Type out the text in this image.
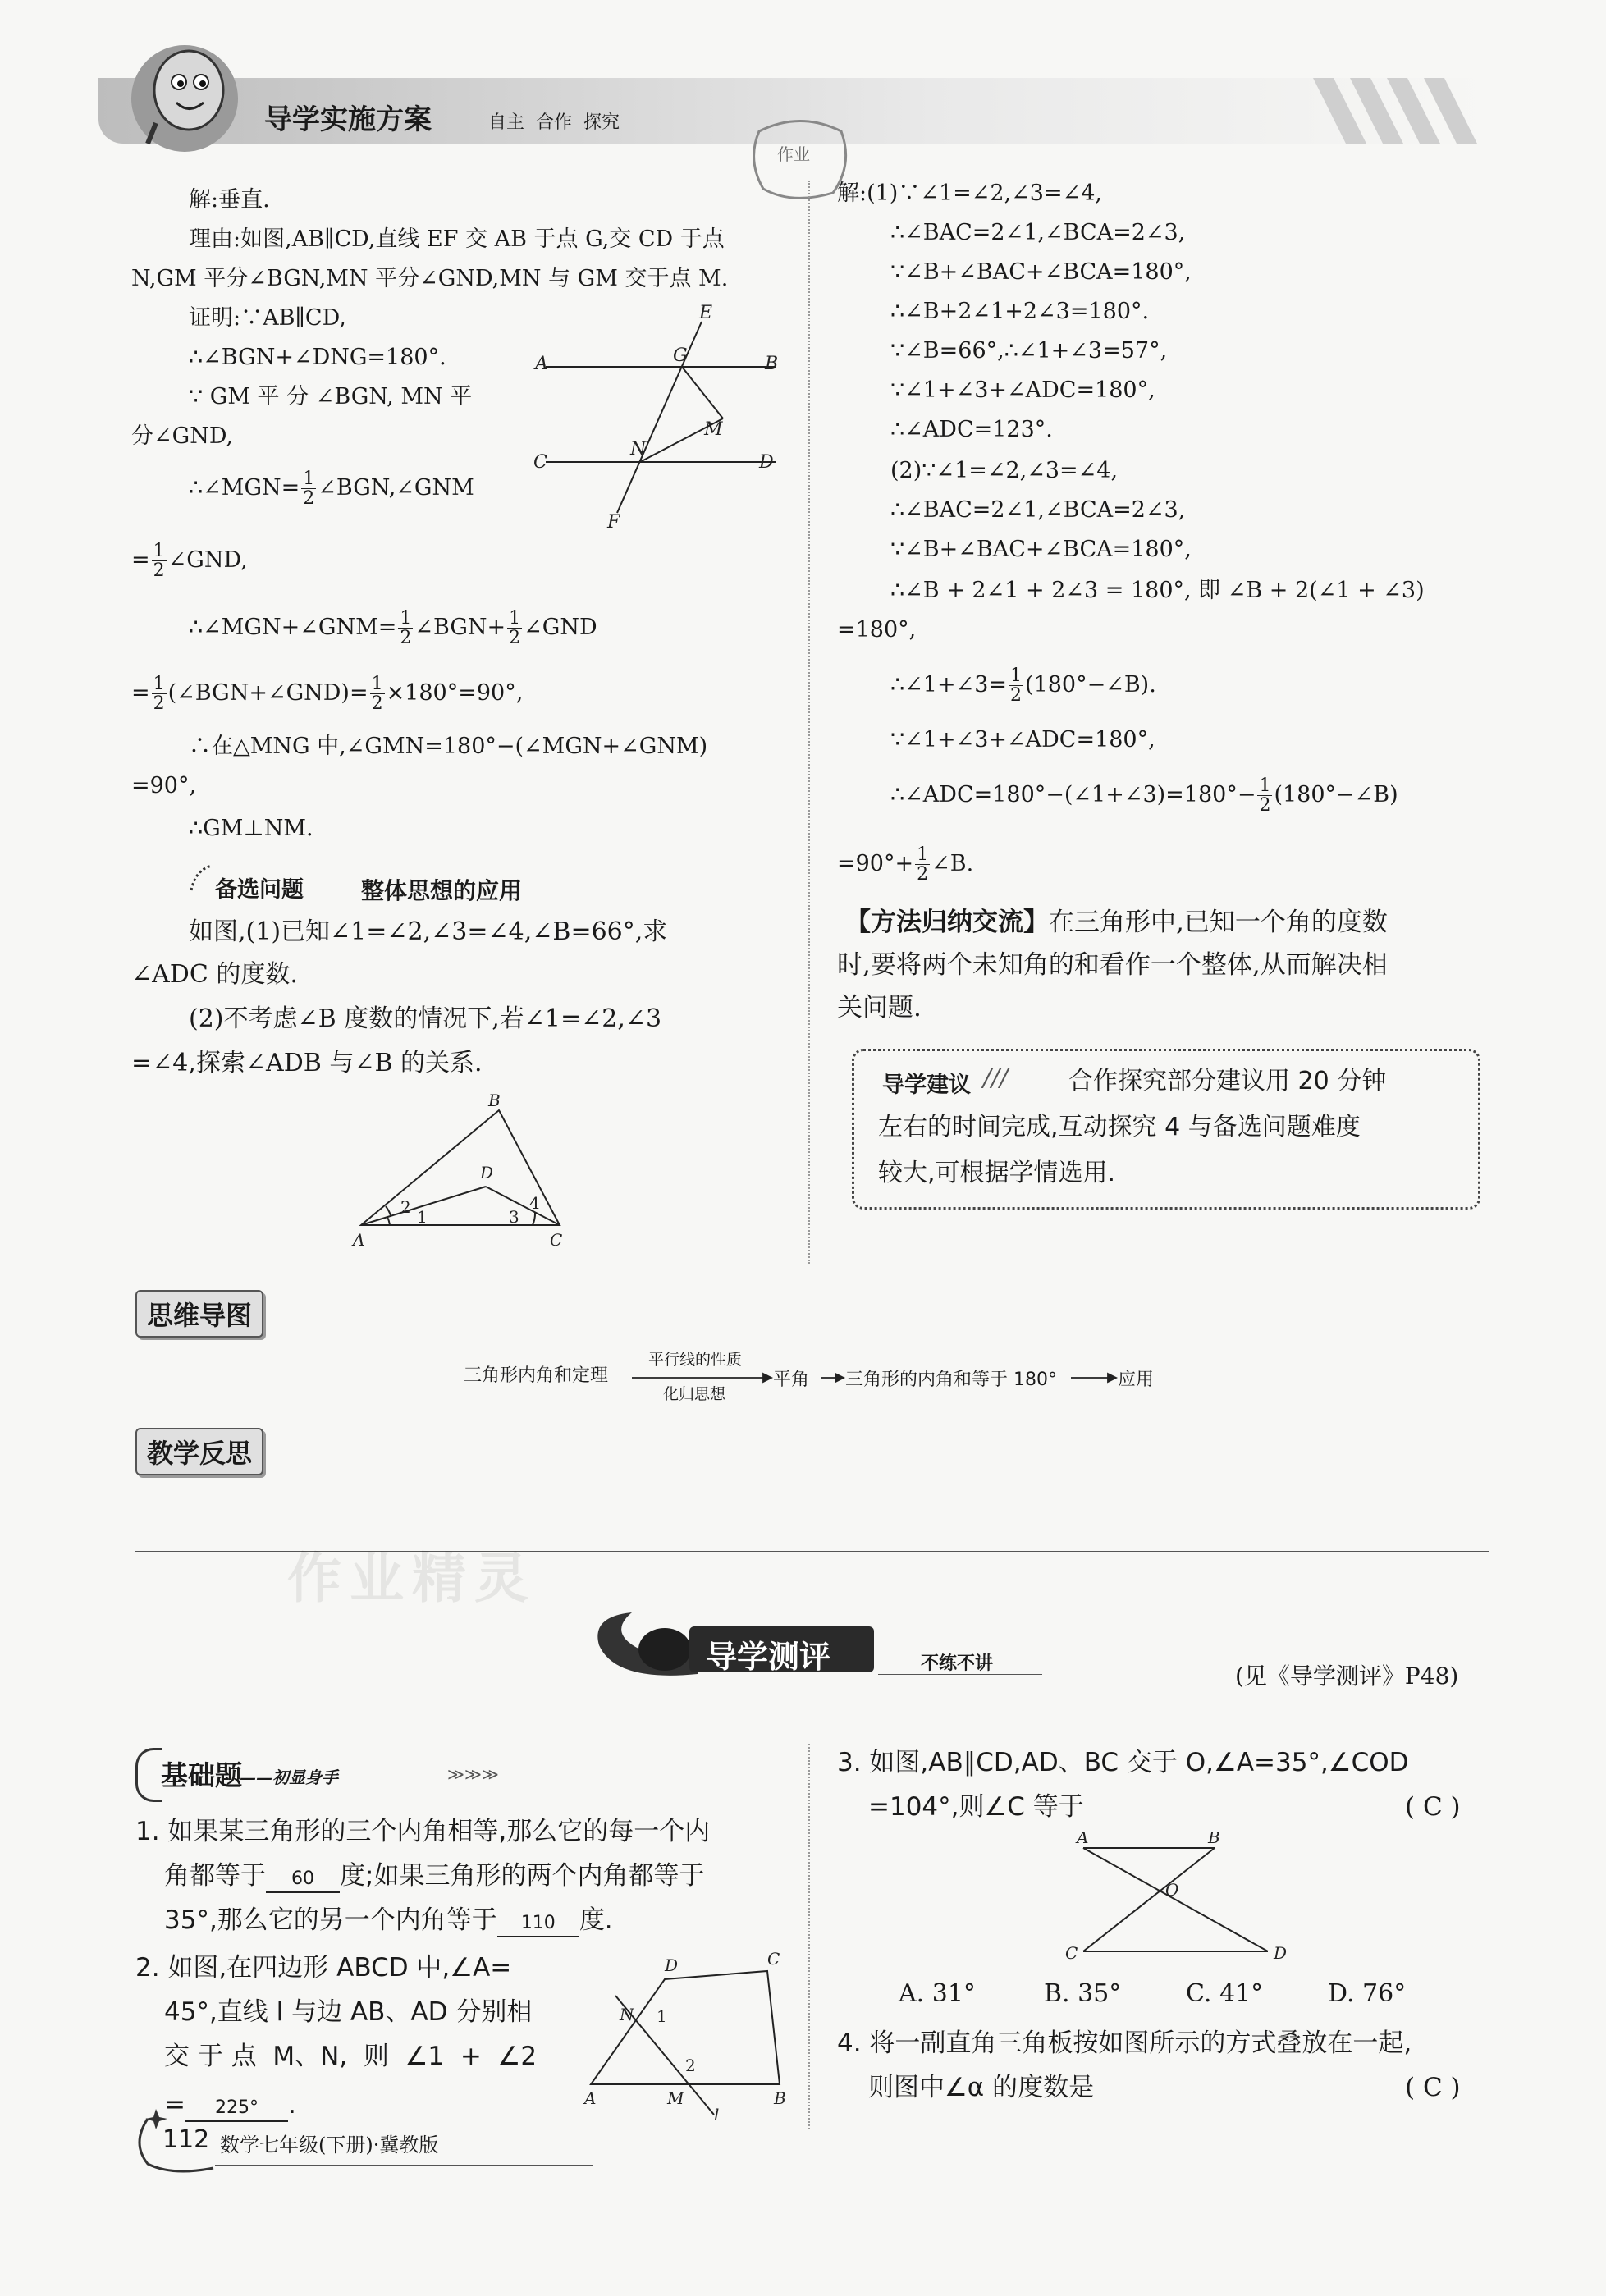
导学实施方案	自主  合作  探究
作业
解:垂直.
理由:如图,AB∥CD,直线 EF 交 AB 于点 G,交 CD 于点
N,GM 平分∠BGN,MN 平分∠GND,MN 与 GM 交于点 M.
证明:∵AB∥CD,
∴∠BGN+∠DNG=180°.
∵ GM 平 分 ∠BGN, MN 平
分∠GND,
∴∠MGN= $\frac{1}{2}$ ∠BGN,∠GNM
= $\frac{1}{2}$ ∠GND,
∴∠MGN+∠GNM= $\frac{1}{2}$ ∠BGN+ $\frac{1}{2}$ ∠GND
= $\frac{1}{2}$ (∠BGN+∠GND)= $\frac{1}{2} \times 180^\circ=90^\circ$,
∴在△MNG 中,∠GMN=180°−(∠MGN+∠GNM)
=90°,
∴GM⊥NM.
E
A	G	B
M
C
N
D
F
备选问题	整体思想的应用
如图,(1)已知∠1=∠2,∠3=∠4,∠B=66°,求
∠ADC 的度数.
(2)不考虑∠B 度数的情况下,若∠1=∠2,∠3
=∠4,探索∠ADB 与∠B 的关系.
B
D
2 1	3
4
A	C
解:(1)∵∠1=∠2,∠3=∠4,
∴∠BAC=2∠1,∠BCA=2∠3,
∵∠B+∠BAC+∠BCA=180°,
∴∠B+2∠1+2∠3=180°.
∵∠B=66°,∴∠1+∠3=57°,
∵∠1+∠3+∠ADC=180°,
∴∠ADC=123°.
(2)∵∠1=∠2,∠3=∠4,
∴∠BAC=2∠1,∠BCA=2∠3,
∵∠B+∠BAC+∠BCA=180°,
∴∠B + 2∠1 + 2∠3 = 180°, 即 ∠B + 2(∠1 + ∠3)
=180°,
∴∠1+∠3= $\frac{1}{2}$ (180°−∠B).
∵∠1+∠3+∠ADC=180°,
∴∠ADC=180°−(∠1+∠3)=180°− $\frac{1}{2}$ (180°−∠B)
$=90^\circ+ \frac{1}{2}$ ∠B.
【方法归纳交流】在三角形中,已知一个角的度数
时,要将两个未知角的和看作一个整体,从而解决相
关问题.
导学建议 /// 合作探究部分建议用 20 分钟
左右的时间完成,互动探究 4 与备选问题难度
较大,可根据学情选用.
思维导图
三角形内角和定理
平行线的性质
化归思想
平角 三角形的内角和等于 180°	应用
教学反思
作业精灵
导学测评	不练不讲	(见《导学测评》P48)
基础题
——初显身手	≫≫≫
1. 如果某三角形的三个内角相等,那么它的每一个内
角都等于 60 度;如果三角形的两个内角都等于
35°,那么它的另一个内角等于 110 度.
2. 如图,在四边形 ABCD 中,∠A=
45°,直线 l 与边 AB、AD 分别相
交 于 点  M、N,  则  ∠1  +  ∠2
= 225° .
D	C
N 1
2
A	M	B
l
3. 如图,AB∥CD,AD、BC 交于 O,∠A=35°,∠COD
=104°,则∠C 等于	( C )
A	B
O
C	D
A. 31°	B. 35°	C. 41°	D. 76°
4. 将一副直角三角板按如图所示的方式叠放在一起,
则图中∠α 的度数是	( C )
112 数学七年级(下册)·冀教版
